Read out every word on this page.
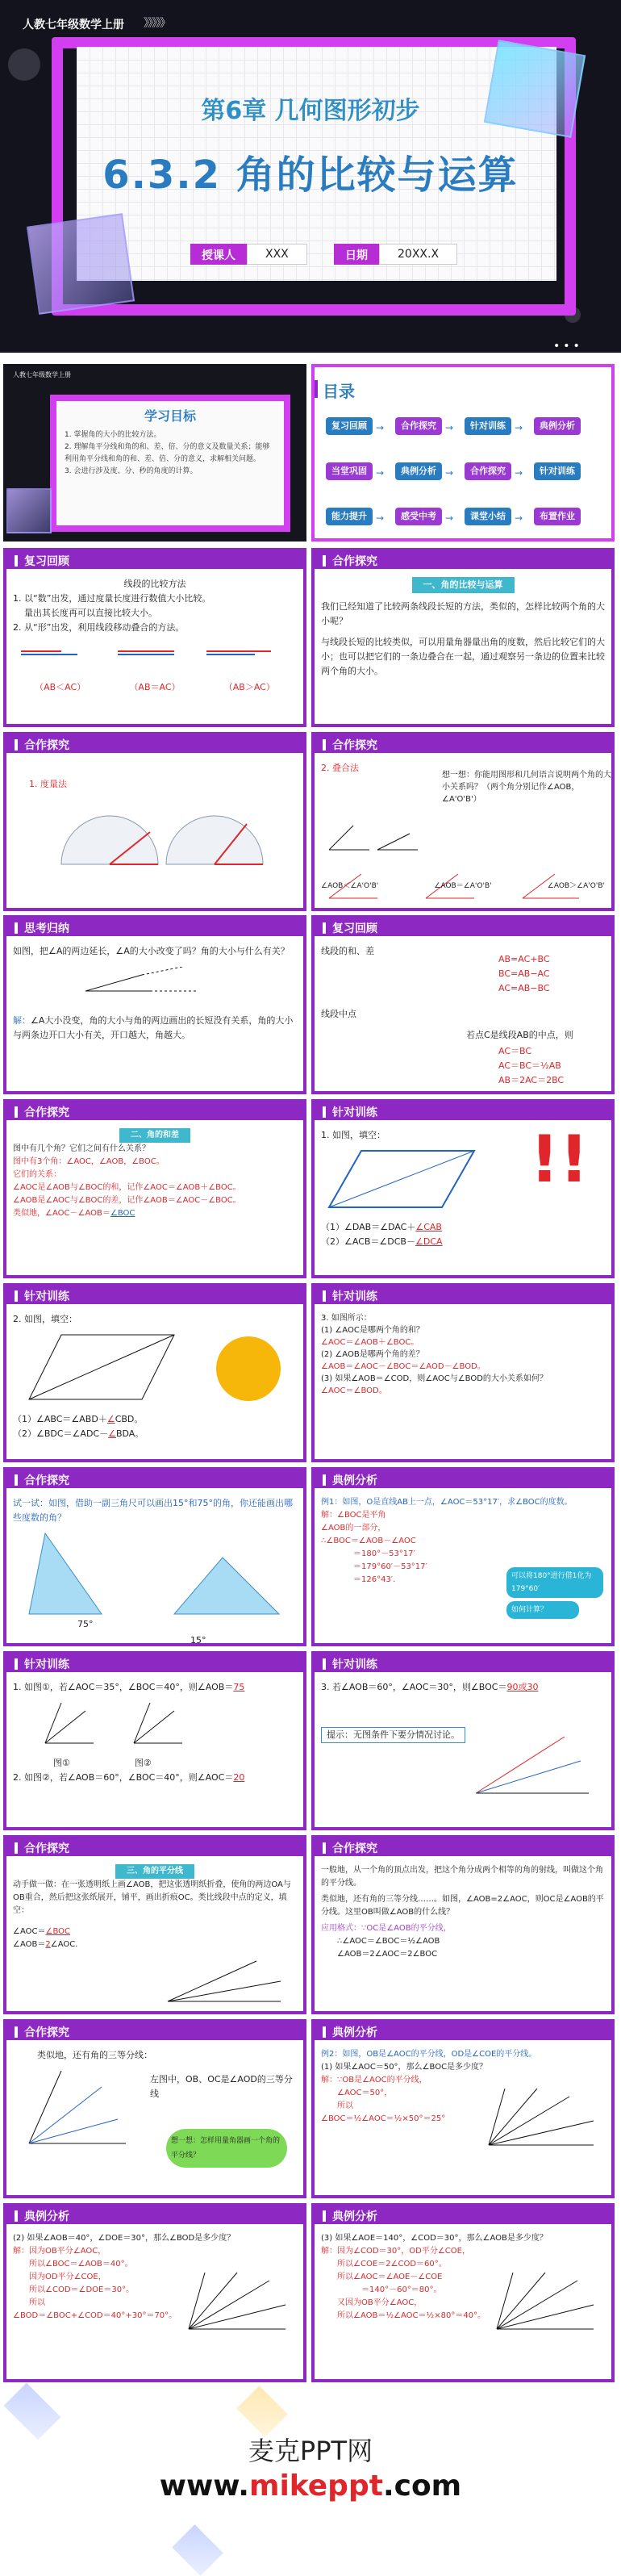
人教七年级数学上册 》》》》》
第6章 几何图形初步
6.3.2 角的比较与运算
授课人	XXX	日期	20XX.X
•••
人教七年级数学上册
学习目标
1. 掌握角的大小的比较方法。
2. 理解角平分线和角的和、差、倍、分的意义及数量关系；能够利用角平分线和角的和、差、倍、分的意义，求解相关问题。
3. 会进行涉及度、分、秒的角度的计算。
目录
复习回顾	合作探究	针对训练	典例分析
当堂巩固	典例分析	合作探究	针对训练
能力提升	感受中考	课堂小结	布置作业
→	→	→
→	→	→
→	→	→
复习回顾
线段的比较方法
1. 以“数”出发，通过度量长度进行数值大小比较。
量出其长度再可以直接比较大小。
2. 从“形”出发，利用线段移动叠合的方法。
（AB＜AC）	（AB＝AC）	（AB＞AC）
合作探究
一、角的比较与运算
我们已经知道了比较两条线段长短的方法，类似的，怎样比较两个角的大小呢？
与线段长短的比较类似，可以用量角器量出角的度数，然后比较它们的大小；也可以把它们的一条边叠合在一起，通过观察另一条边的位置来比较两个角的大小。
合作探究
1. 度量法
合作探究
2. 叠合法
想一想：你能用图形和几何语言说明两个角的大小关系吗？（两个角分别记作∠AOB，∠A'O'B'）
∠AOB＜∠A'O'B'	∠AOB＝∠A'O'B'	∠AOB＞∠A'O'B'
思考归纳
如图，把∠A的两边延长，∠A的大小改变了吗？角的大小与什么有关？
解：∠A大小没变，角的大小与角的两边画出的长短没有关系，角的大小与两条边开口大小有关，开口越大，角越大。
复习回顾
线段的和、差
AB=AC+BC
BC=AB−AC
AC=AB−BC
线段中点
若点C是线段AB的中点，则
AC＝BC
AC＝BC＝½AB
AB＝2AC＝2BC
合作探究
二、角的和差
图中有几个角？它们之间有什么关系？
图中有3个角：∠AOC，∠AOB，∠BOC。
它们的关系：
∠AOC是∠AOB与∠BOC的和，记作∠AOC＝∠AOB＋∠BOC。
∠AOB是∠AOC与∠BOC的差，记作∠AOB＝∠AOC－∠BOC。
类似地，∠AOC－∠AOB＝∠BOC
针对训练
1. 如图，填空：
（1）∠DAB＝∠DAC＋∠CAB
（2）∠ACB＝∠DCB－∠DCA
!!
针对训练
2. 如图，填空：
（1）∠ABC＝∠ABD＋∠CBD。
（2）∠BDC＝∠ADC－∠BDA。
针对训练
3. 如图所示：
(1) ∠AOC是哪两个角的和？
∠AOC＝∠AOB＋∠BOC。
(2) ∠AOB是哪两个角的差？
∠AOB＝∠AOC－∠BOC＝∠AOD－∠BOD。
(3) 如果∠AOB＝∠COD，则∠AOC与∠BOD的大小关系如何？
∠AOC＝∠BOD。
合作探究
试一试：如图，借助一副三角尺可以画出15°和75°的角，你还能画出哪些度数的角？
75°
15°
典例分析
例1：如图，O是直线AB上一点，∠AOC＝53°17′，求∠BOC的度数。
解：∠BOC是平角
∠AOB的一部分，
∴∠BOC＝∠AOB－∠AOC
＝180°－53°17′
＝179°60′－53°17′
＝126°43′.	可以将180°进行借1化为179°60′
如何计算？
针对训练
1. 如图①，若∠AOC＝35°，∠BOC＝40°，则∠AOB＝75
图①	图②
2. 如图②，若∠AOB＝60°，∠BOC＝40°，则∠AOC＝20
针对训练
3. 若∠AOB＝60°，∠AOC＝30°，则∠BOC＝90或30
提示：无图条件下要分情况讨论。
合作探究
三、角的平分线
动手做一做：在一张透明纸上画∠AOB，把这张透明纸折叠，使角的两边OA与OB重合，然后把这张纸展开，铺平，画出折痕OC。类比线段中点的定义，填空：
∠AOC＝∠BOC
∠AOB＝2∠AOC.
合作探究
一般地，从一个角的顶点出发，把这个角分成两个相等的角的射线，叫做这个角的平分线。
类似地，还有角的三等分线……。如图，∠AOB=2∠AOC，则OC是∠AOB的平分线。这里OB叫做∠AOB的什么线？
应用格式：∵OC是∠AOB的平分线，
∴∠AOC＝∠BOC＝½∠AOB
∠AOB＝2∠AOC＝2∠BOC
合作探究
类似地，还有角的三等分线：
左图中，OB、OC是∠AOD的三等分线
想一想：怎样用量角器画一个角的平分线？
典例分析
例2：如图，OB是∠AOC的平分线，OD是∠COE的平分线。
(1) 如果∠AOC＝50°，那么∠BOC是多少度？
解：∵OB是∠AOC的平分线，
∠AOC＝50°，
所以
∠BOC＝½∠AOC＝½×50°＝25°
典例分析
(2) 如果∠AOB＝40°，∠DOE＝30°，那么∠BOD是多少度？
解：因为OB平分∠AOC，
所以∠BOC＝∠AOB＝40°。
因为OD平分∠COE，
所以∠COD＝∠DOE＝30°。
所以
∠BOD＝∠BOC+∠COD＝40°+30°＝70°。
典例分析
(3) 如果∠AOE＝140°，∠COD＝30°，那么∠AOB是多少度？
解：因为∠COD＝30°，OD平分∠COE，
所以∠COE＝2∠COD＝60°。
所以∠AOC＝∠AOE－∠COE
＝140°－60°＝80°。
又因为OB平分∠AOC，
所以∠AOB＝½∠AOC＝½×80°＝40°。
麦克PPT网
www.mikeppt.com
